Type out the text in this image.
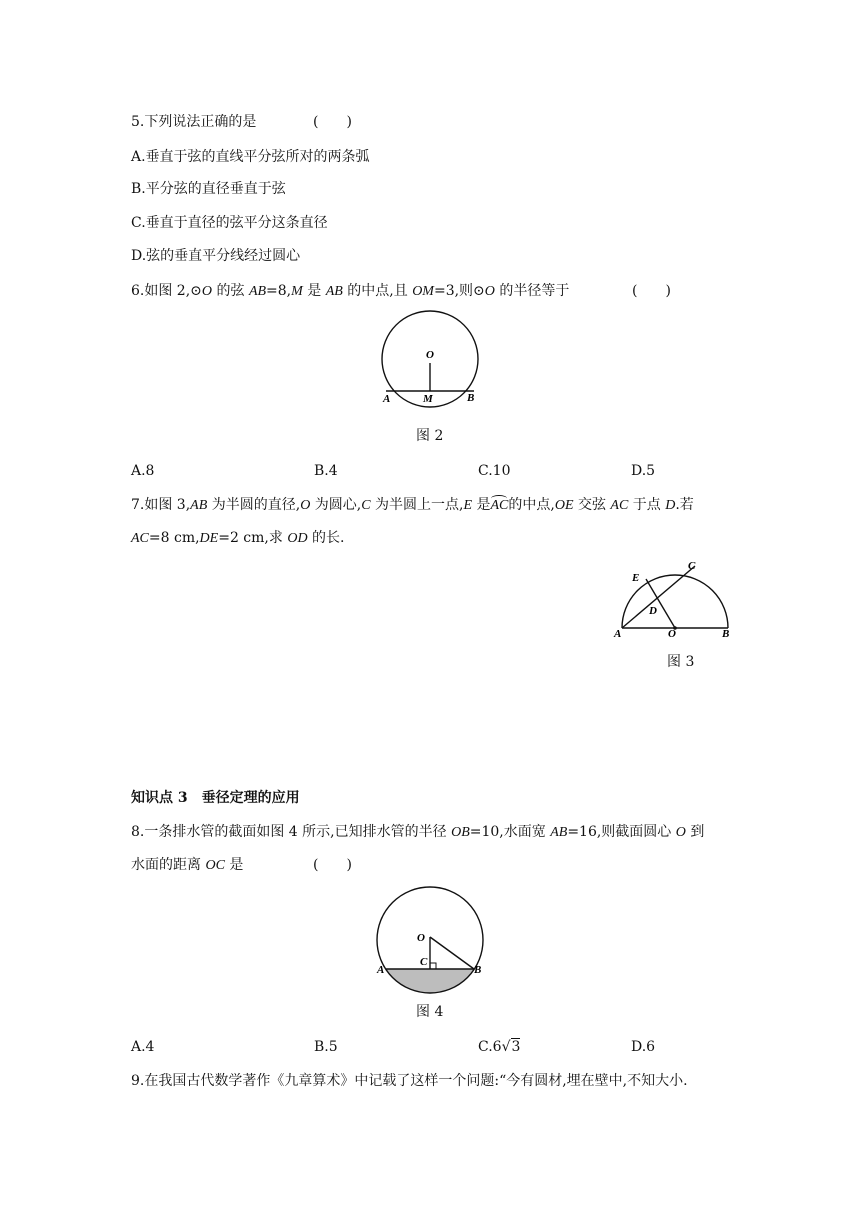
5.下列说法正确的是	(　　)
A.垂直于弦的直线平分弦所对的两条弧
B.平分弦的直径垂直于弦
C.垂直于直径的弦平分这条直径
D.弦的垂直平分线经过圆心
6.如图 2,⊙O 的弦 AB=8,M 是 AB 的中点,且 OM=3,则⊙O 的半径等于	(　　)
O
A	M	B
图 2
A.8	B.4	C.10	D.5
7.如图 3,AB 为半圆的直径,O 为圆心,C 为半圆上一点,E 是AC的中点,OE 交弦 AC 于点 D.若
AC=8 cm,DE=2 cm,求 OD 的长.
E
C
D
A	O	B
图 3
知识点 3　垂径定理的应用
8.一条排水管的截面如图 4 所示,已知排水管的半径 OB=10,水面宽 AB=16,则截面圆心 O 到
水面的距离 OC 是	(　　)
O
C
A	B
图 4
A.4	B.5	C.6√3	D.6
9.在我国古代数学著作《九章算术》中记载了这样一个问题:“今有圆材,埋在壁中,不知大小.
